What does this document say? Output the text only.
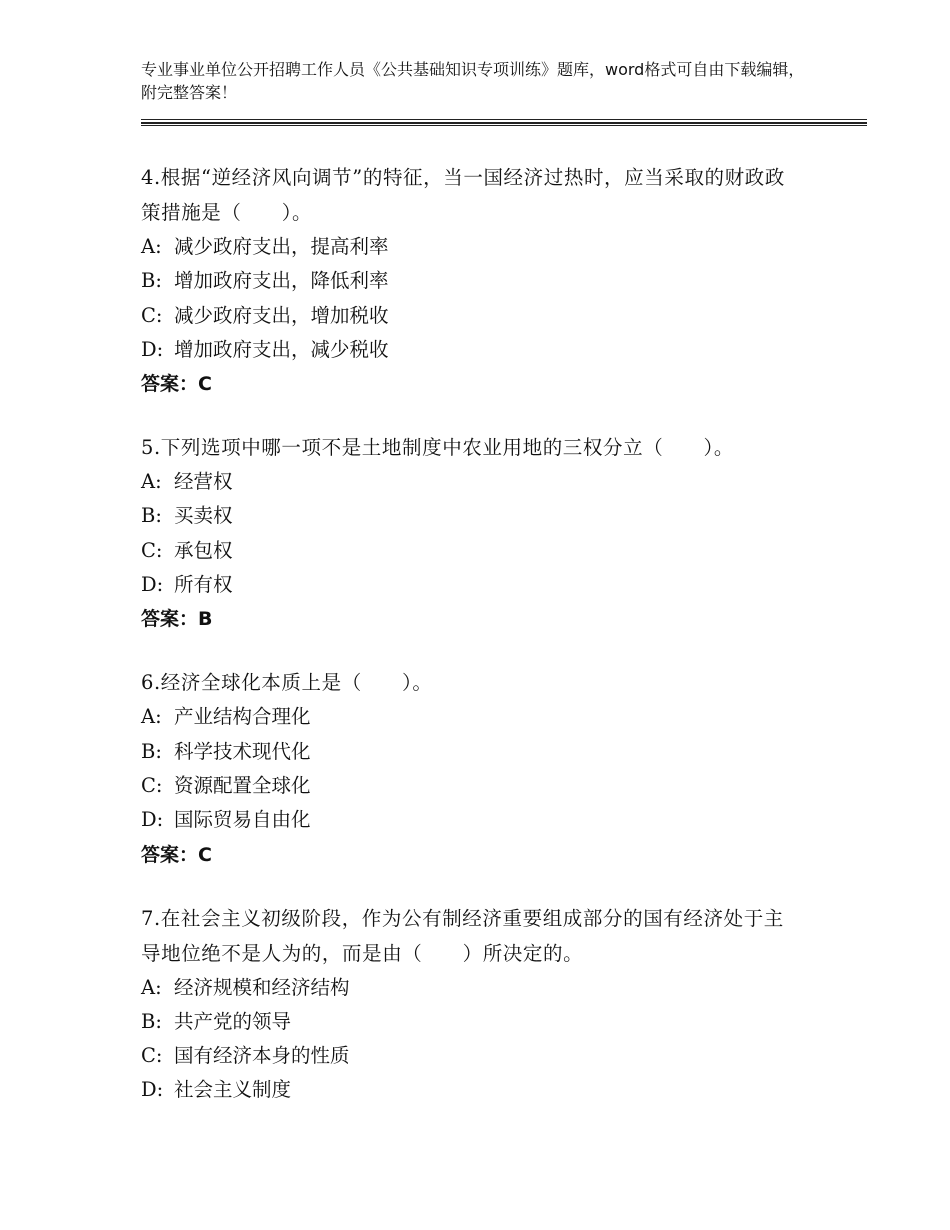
专业事业单位公开招聘工作人员《公共基础知识专项训练》题库，word格式可自由下载编辑，附完整答案！
4.根据“逆经济风向调节”的特征，当一国经济过热时，应当采取的财政政策措施是（　　）。
A: 减少政府支出，提高利率
B: 增加政府支出，降低利率
C: 减少政府支出，增加税收
D: 增加政府支出，减少税收
答案：C
5.下列选项中哪一项不是土地制度中农业用地的三权分立（　　）。
A: 经营权
B: 买卖权
C: 承包权
D: 所有权
答案：B
6.经济全球化本质上是（　　）。
A: 产业结构合理化
B: 科学技术现代化
C: 资源配置全球化
D: 国际贸易自由化
答案：C
7.在社会主义初级阶段，作为公有制经济重要组成部分的国有经济处于主导地位绝不是人为的，而是由（　　）所决定的。
A: 经济规模和经济结构
B: 共产党的领导
C: 国有经济本身的性质
D: 社会主义制度
